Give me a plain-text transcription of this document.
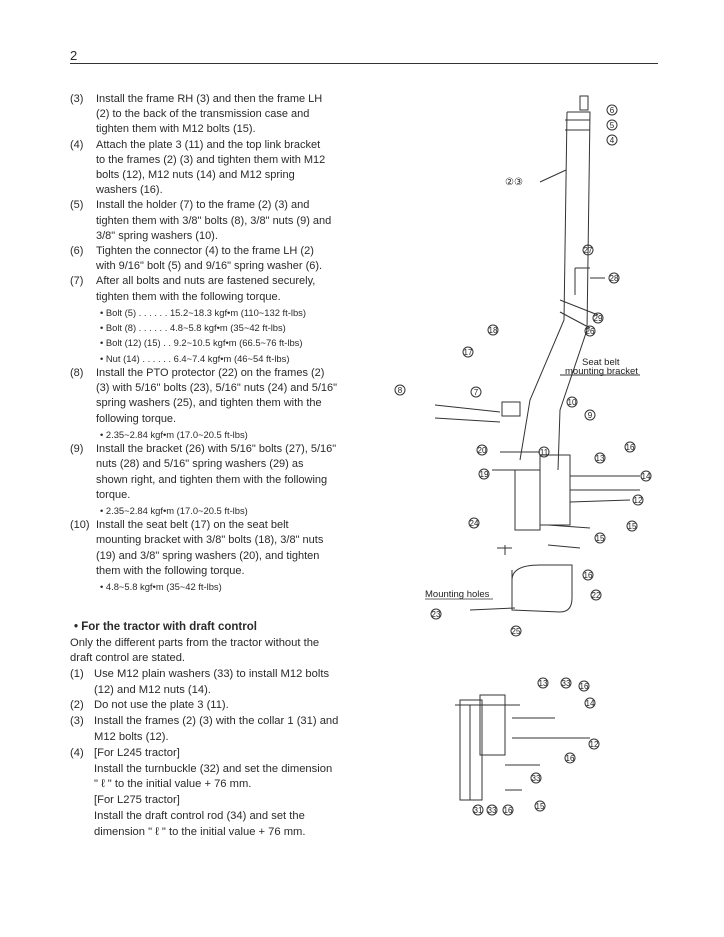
2
(3) Install the frame RH (3) and then the frame LH

(2) to the back of the transmission case and

tighten them with M12 bolts (15).

(4) Attach the plate 3 (11) and the top link bracket

to the frames (2) (3) and tighten them with M12

bolts (12), M12 nuts (14) and M12 spring

washers (16).

(5) Install the holder (7) to the frame (2) (3) and

tighten them with 3/8" bolts (8), 3/8" nuts (9) and

3/8" spring washers (10).

(6) Tighten the connector (4) to the frame LH (2)

with 9/16" bolt (5) and 9/16" spring washer (6).

(7) After all bolts and nuts are fastened securely,

tighten them with the following torque.

• Bolt (5) . . . . . . 15.2~18.3 kgf•m (110~132 ft-lbs)

• Bolt (8) . . . . . . 4.8~5.8 kgf•m (35~42 ft-lbs)

• Bolt (12) (15) . . 9.2~10.5 kgf•m (66.5~76 ft-lbs)

• Nut (14) . . . . . . 6.4~7.4 kgf•m (46~54 ft-lbs)

(8) Install the PTO protector (22) on the frames (2)

(3) with 5/16" bolts (23), 5/16" nuts (24) and 5/16"

spring washers (25), and tighten them with the

following torque.

• 2.35~2.84 kgf•m (17.0~20.5 ft-lbs)

(9) Install the bracket (26) with 5/16" bolts (27), 5/16"

nuts (28) and 5/16" spring washers (29) as

shown right, and tighten them with the following

torque.

• 2.35~2.84 kgf•m (17.0~20.5 ft-lbs)

(10) Install the seat belt (17) on the seat belt

mounting bracket with 3/8" bolts (18), 3/8" nuts

(19) and 3/8" spring washers (20), and tighten

them with the following torque.

• 4.8~5.8 kgf•m (35~42 ft-lbs)

• For the tractor with draft control

Only the different parts from the tractor without the

draft control are stated.

(1) Use M12 plain washers (33) to install M12 bolts

(12) and M12 nuts (14).

(2) Do not use the plate 3 (11).

(3) Install the frames (2) (3) with the collar 1 (31) and

M12 bolts (12).

(4) [For L245 tractor]

Install the turnbuckle (32) and set the dimension

" ℓ " to the initial value + 76 mm.

[For L275 tractor]

Install the draft control rod (34) and set the

dimension " ℓ " to the initial value + 76 mm.

6
5
4
27
28
29
26
18
17
8	7
10
9
20	11
13
16
14
19
12
15
24
15
16
22
23
25
13 33 16
14
12
16
33
15
31 33 16
②③
Seat belt
mounting bracket
Mounting holes
